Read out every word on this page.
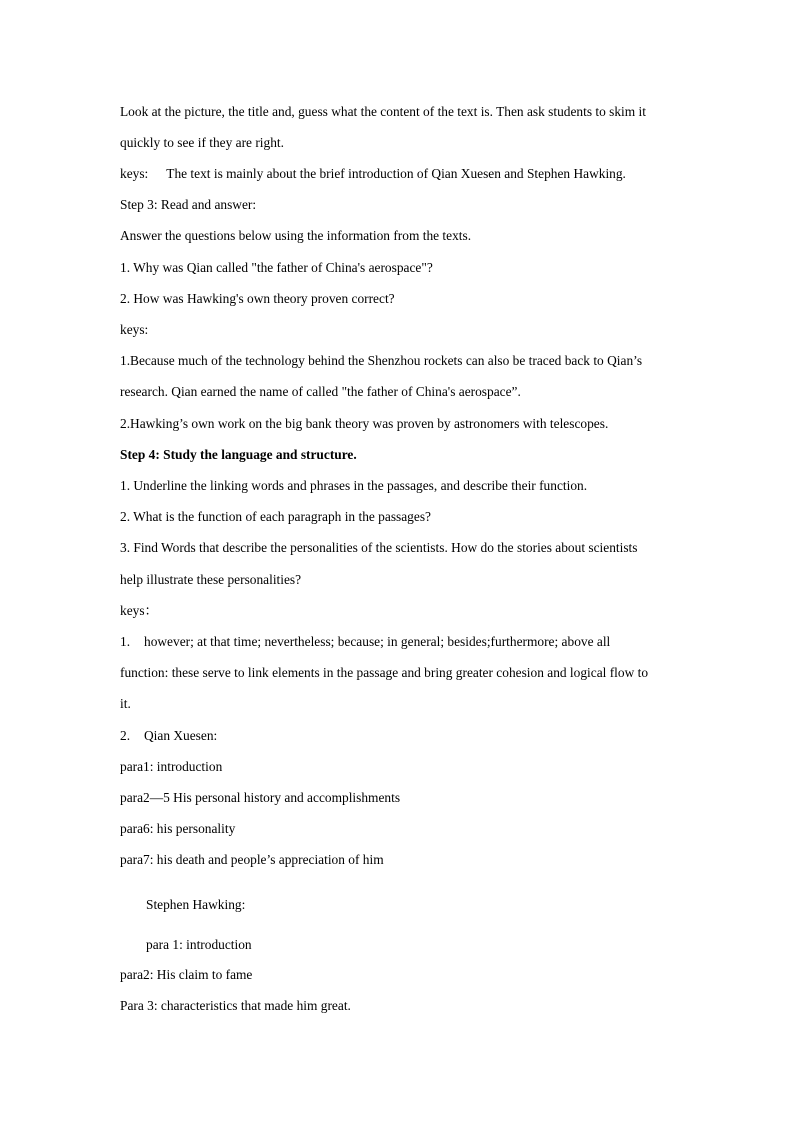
Look at the picture, the title and, guess what the content of the text is. Then ask students to skim it
quickly to see if they are right.
keys: The text is mainly about the brief introduction of Qian Xuesen and Stephen Hawking.
Step 3: Read and answer:
Answer the questions below using the information from the texts.
1. Why was Qian called "the father of China's aerospace"?
2. How was Hawking's own theory proven correct?
keys:
1.Because much of the technology behind the Shenzhou rockets can also be traced back to Qian’s
research. Qian earned the name of called "the father of China's aerospace”.
2.Hawking’s own work on the big bank theory was proven by astronomers with telescopes.
Step 4: Study the language and structure.
1. Underline the linking words and phrases in the passages, and describe their function.
2. What is the function of each paragraph in the passages?
3. Find Words that describe the personalities of the scientists. How do the stories about scientists
help illustrate these personalities?
keys：
1. however; at that time; nevertheless; because; in general; besides;furthermore; above all
function: these serve to link elements in the passage and bring greater cohesion and logical flow to
it.
2. Qian Xuesen:
para1: introduction
para2—5 His personal history and accomplishments
para6: his personality
para7: his death and people’s appreciation of him
Stephen Hawking:
para 1: introduction
para2: His claim to fame
Para 3: characteristics that made him great.
